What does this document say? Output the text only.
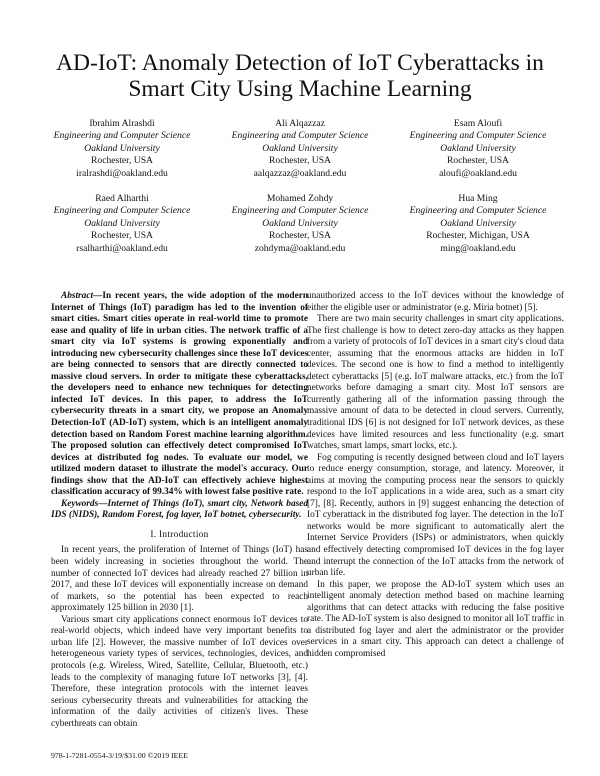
AD-IoT: Anomaly Detection of IoT Cyberattacks in
Smart City Using Machine Learning
Ibrahim Alrashdi
Engineering and Computer Science
Oakland University
Rochester, USA
iralrashdi@oakland.edu
Ali Alqazzaz
Engineering and Computer Science
Oakland University
Rochester, USA
aalqazzaz@oakland.edu
Esam Aloufi
Engineering and Computer Science
Oakland University
Rochester, USA
aloufi@oakland.edu
Raed Alharthi
Engineering and Computer Science
Oakland University
Rochester, USA
rsalharthi@oakland.edu
Mohamed Zohdy
Engineering and Computer Science
Oakland University
Rochester, USA
zohdyma@oakland.edu
Hua Ming
Engineering and Computer Science
Oakland University
Rochester, Michigan, USA
ming@oakland.edu

Abstract—In recent years, the wide adoption of the modern Internet of Things (IoT) paradigm has led to the invention of smart cities. Smart cities operate in real-world time to promote ease and quality of life in urban cities. The network traffic of a smart city via IoT systems is growing exponentially and introducing new cybersecurity challenges since these IoT devices are being connected to sensors that are directly connected to massive cloud servers. In order to mitigate these cyberattacks, the developers need to enhance new techniques for detecting infected IoT devices. In this paper, to address the IoT cybersecurity threats in a smart city, we propose an Anomaly Detection-IoT (AD-IoT) system, which is an intelligent anomaly detection based on Random Forest machine learning algorithm. The proposed solution can effectively detect compromised IoT devices at distributed fog nodes. To evaluate our model, we utilized modern dataset to illustrate the model's accuracy. Our findings show that the AD-IoT can effectively achieve highest classification accuracy of 99.34% with lowest false positive rate.

Keywords—Internet of Things (IoT), smart city, Network based IDS (NIDS), Random Forest, fog layer, IoT botnet, cybersecurity.

I. Introduction

In recent years, the proliferation of Internet of Things (IoT) has been widely increasing in societies throughout the world. The number of connected IoT devices had already reached 27 billion in 2017, and these IoT devices will exponentially increase on demand of markets, so the potential has been expected to reach approximately 125 billion in 2030 [1].

Various smart city applications connect enormous IoT devices to real-world objects, which indeed have very important benefits to urban life [2]. However, the massive number of IoT devices over heterogeneous variety types of services, technologies, devices, and protocols (e.g. Wireless, Wired, Satellite, Cellular, Bluetooth, etc.) leads to the complexity of managing future IoT networks [3], [4]. Therefore, these integration protocols with the internet leaves serious cybersecurity threats and vulnerabilities for attacking the information of the daily activities of citizen's lives. These cyberthreats can obtain

unauthorized access to the IoT devices without the knowledge of either the eligible user or administrator (e.g. Miria botnet) [5].

There are two main security challenges in smart city applications. The first challenge is how to detect zero-day attacks as they happen from a variety of protocols of IoT devices in a smart city's cloud data center, assuming that the enormous attacks are hidden in IoT devices. The second one is how to find a method to intelligently detect cyberattacks [5] (e.g. IoT malware attacks, etc.) from the IoT networks before damaging a smart city. Most IoT sensors are currently gathering all of the information passing through the massive amount of data to be detected in cloud servers. Currently, traditional IDS [6] is not designed for IoT network devices, as these devices have limited resources and less functionality (e.g. smart watches, smart lamps, smart locks, etc.).

Fog computing is recently designed between cloud and IoT layers to reduce energy consumption, storage, and latency. Moreover, it aims at moving the computing process near the sensors to quickly respond to the IoT applications in a wide area, such as a smart city [7], [8]. Recently, authors in [9] suggest enhancing the detection of IoT cyberattack in the distributed fog layer. The detection in the IoT networks would be more significant to automatically alert the Internet Service Providers (ISPs) or administrators, when quickly and effectively detecting compromised IoT devices in the fog layer and interrupt the connection of the IoT attacks from the network of urban life.

In this paper, we propose the AD-IoT system which uses an intelligent anomaly detection method based on machine learning algorithms that can detect attacks with reducing the false positive rate. The AD-IoT system is also designed to monitor all IoT traffic in a distributed fog layer and alert the administrator or the provider services in a smart city. This approach can detect a challenge of hidden compromised

978-1-7281-0554-3/19/$31.00 ©2019 IEEE
